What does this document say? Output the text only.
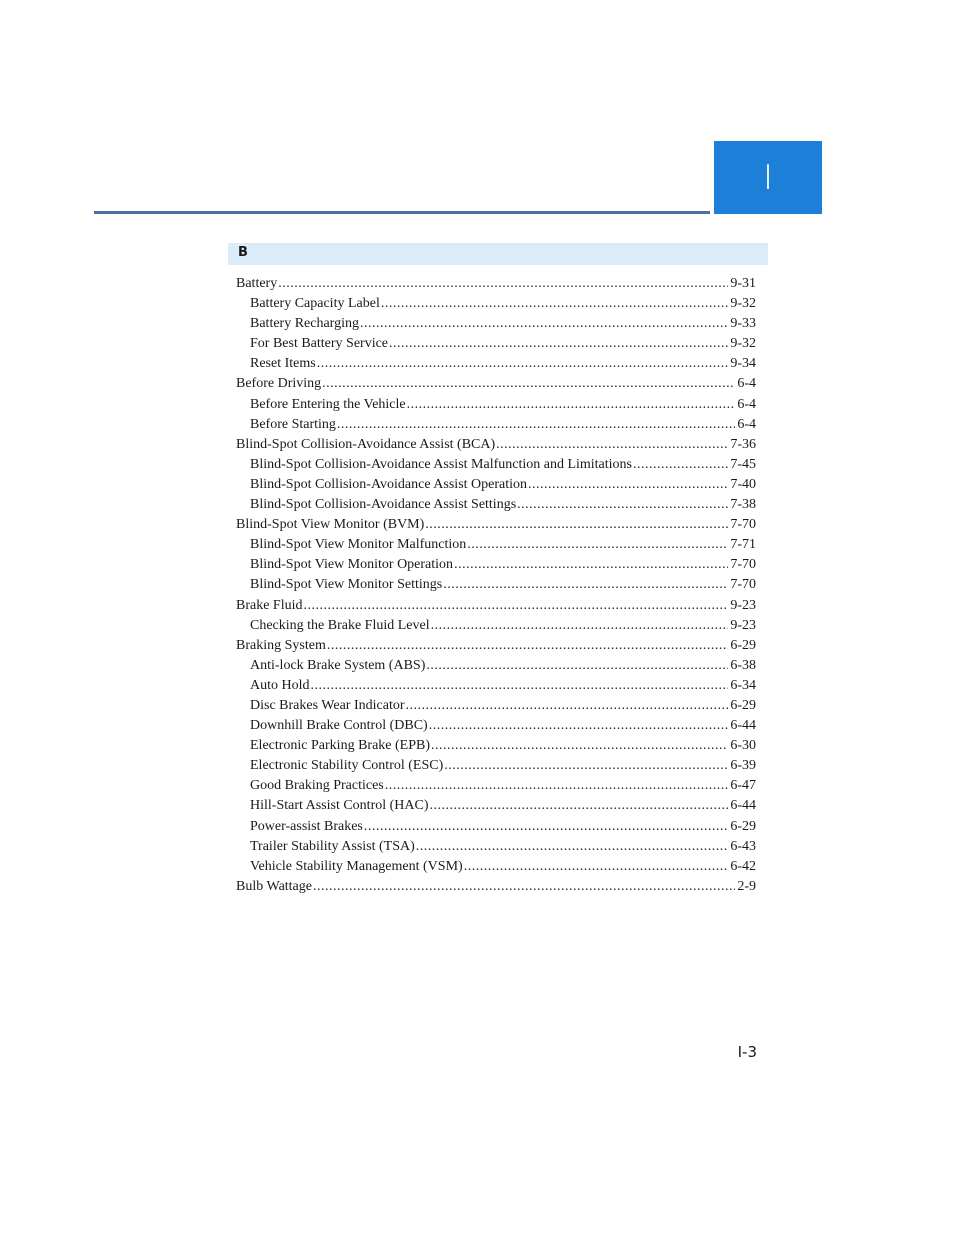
I
B
Battery .....	9-31
Battery Capacity Label .....	9-32
Battery Recharging .....	9-33
For Best Battery Service .....	9-32
Reset Items .....	9-34
Before Driving .....	6-4
Before Entering the Vehicle .....	6-4
Before Starting .....	6-4
Blind-Spot Collision-Avoidance Assist (BCA) .....	7-36
Blind-Spot Collision-Avoidance Assist Malfunction and Limitations .....	7-45
Blind-Spot Collision-Avoidance Assist Operation .....	7-40
Blind-Spot Collision-Avoidance Assist Settings .....	7-38
Blind-Spot View Monitor (BVM) .....	7-70
Blind-Spot View Monitor Malfunction .....	7-71
Blind-Spot View Monitor Operation .....	7-70
Blind-Spot View Monitor Settings .....	7-70
Brake Fluid .....	9-23
Checking the Brake Fluid Level .....	9-23
Braking System .....	6-29
Anti-lock Brake System (ABS) .....	6-38
Auto Hold .....	6-34
Disc Brakes Wear Indicator .....	6-29
Downhill Brake Control (DBC) .....	6-44
Electronic Parking Brake (EPB) .....	6-30
Electronic Stability Control (ESC) .....	6-39
Good Braking Practices .....	6-47
Hill-Start Assist Control (HAC) .....	6-44
Power-assist Brakes .....	6-29
Trailer Stability Assist (TSA) .....	6-43
Vehicle Stability Management (VSM) .....	6-42
Bulb Wattage .....	2-9
I-3
